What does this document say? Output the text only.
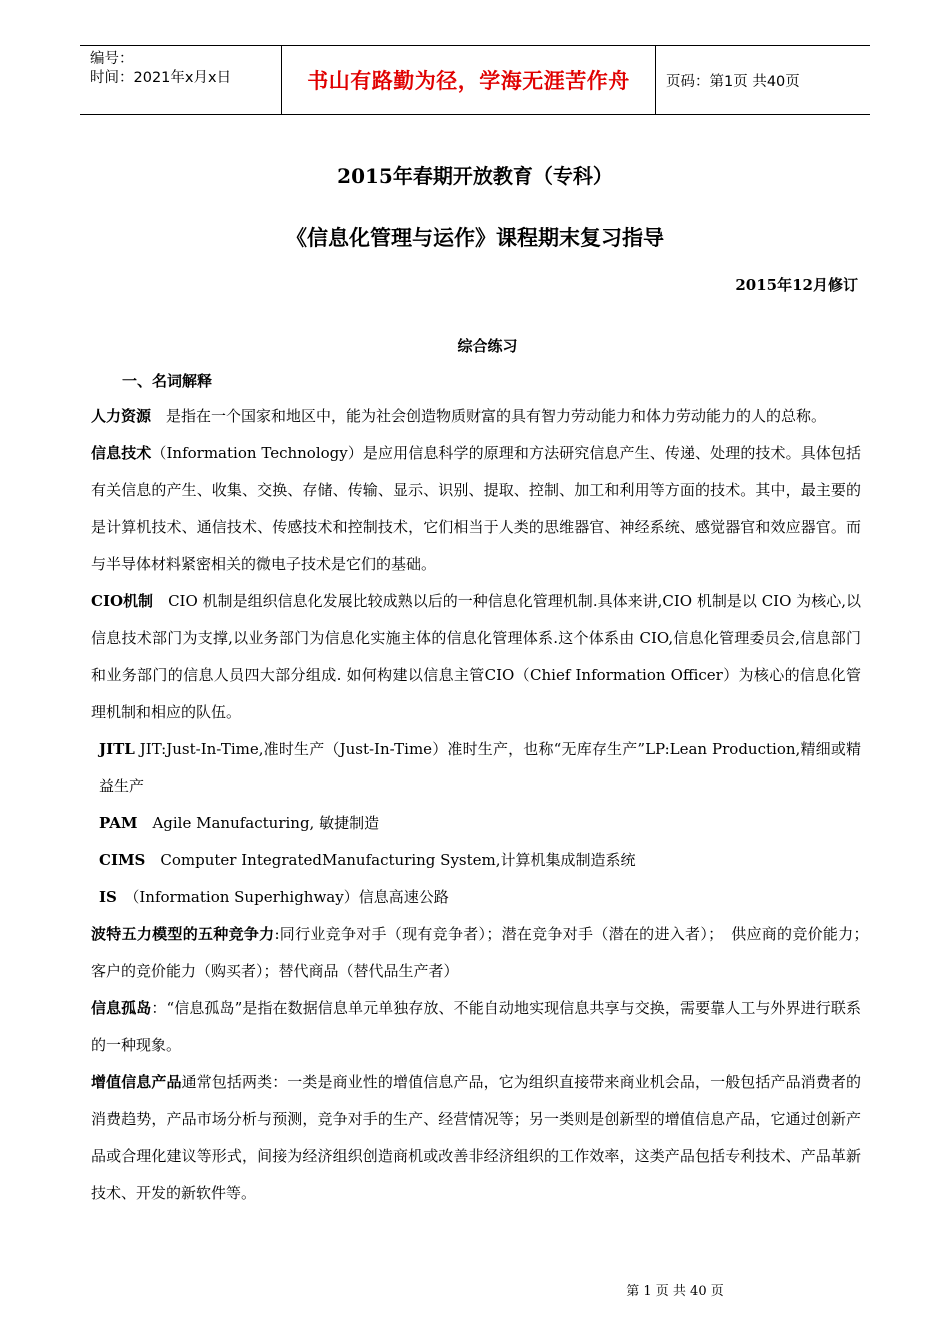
编号：
时间：2021年x月x日	书山有路勤为径，学海无涯苦作舟	页码：第1页 共40页
2015年春期开放教育（专科）
《信息化管理与运作》课程期末复习指导
2015年12月修订
综合练习
一、名词解释

人力资源　是指在一个国家和地区中，能为社会创造物质财富的具有智力劳动能力和体力劳动能力的人的总称。

信息技术（Information Technology）是应用信息科学的原理和方法研究信息产生、传递、处理的技术。具体包括有关信息的产生、收集、交换、存储、传输、显示、识别、提取、控制、加工和利用等方面的技术。其中，最主要的是计算机技术、通信技术、传感技术和控制技术，它们相当于人类的思维器官、神经系统、感觉器官和效应器官。而与半导体材料紧密相关的微电子技术是它们的基础。

CIO机制　CIO 机制是组织信息化发展比较成熟以后的一种信息化管理机制.具体来讲,CIO 机制是以 CIO 为核心,以信息技术部门为支撑,以业务部门为信息化实施主体的信息化管理体系.这个体系由 CIO,信息化管理委员会,信息部门和业务部门的信息人员四大部分组成. 如何构建以信息主管CIO（Chief Information Officer）为核心的信息化管理机制和相应的队伍。

JITL JIT:Just-In-Time,准时生产（Just-In-Time）准时生产，也称“无库存生产”LP:Lean Production,精细或精益生产

PAM　Agile Manufacturing, 敏捷制造

CIMS　Computer IntegratedManufacturing System,计算机集成制造系统

IS　（Information Superhighway）信息高速公路

波特五力模型的五种竞争力:同行业竞争对手（现有竞争者）；潜在竞争对手（潜在的进入者）；　供应商的竞价能力；　客户的竞价能力（购买者）；替代商品（替代品生产者）

信息孤岛：“信息孤岛”是指在数据信息单元单独存放、不能自动地实现信息共享与交换，需要靠人工与外界进行联系的一种现象。

增值信息产品通常包括两类：一类是商业性的增值信息产品，它为组织直接带来商业机会品，一般包括产品消费者的消费趋势，产品市场分析与预测，竞争对手的生产、经营情况等；另一类则是创新型的增值信息产品，它通过创新产品或合理化建议等形式，间接为经济组织创造商机或改善非经济组织的工作效率，这类产品包括专利技术、产品革新技术、开发的新软件等。

第 1 页 共 40 页
